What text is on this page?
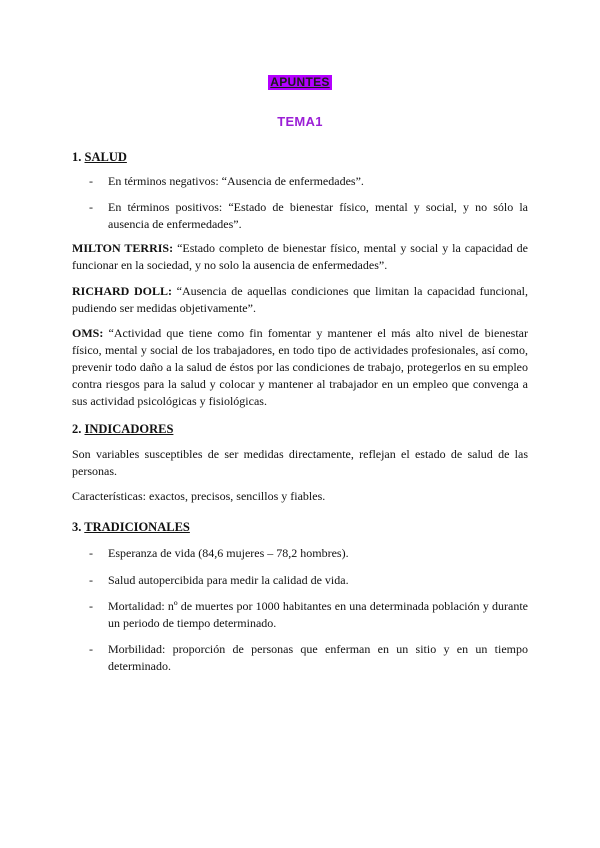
APUNTES
TEMA1
1. SALUD
- En términos negativos: “Ausencia de enfermedades”.
- En términos positivos: “Estado de bienestar físico, mental y social, y no sólo la ausencia de enfermedades”.
MILTON TERRIS: “Estado completo de bienestar físico, mental y social y la capacidad de funcionar en la sociedad, y no solo la ausencia de enfermedades”.
RICHARD DOLL: “Ausencia de aquellas condiciones que limitan la capacidad funcional, pudiendo ser medidas objetivamente”.
OMS: “Actividad que tiene como fin fomentar y mantener el más alto nivel de bienestar físico, mental y social de los trabajadores, en todo tipo de actividades profesionales, así como, prevenir todo daño a la salud de éstos por las condiciones de trabajo, protegerlos en su empleo contra riesgos para la salud y colocar y mantener al trabajador en un empleo que convenga a sus actividad psicológicas y fisiológicas.
2. INDICADORES
Son variables susceptibles de ser medidas directamente, reflejan el estado de salud de las personas.
Características: exactos, precisos, sencillos y fiables.
3. TRADICIONALES
- Esperanza de vida (84,6 mujeres – 78,2 hombres).
- Salud autopercibida para medir la calidad de vida.
- Mortalidad: nº de muertes por 1000 habitantes en una determinada población y durante un periodo de tiempo determinado.
- Morbilidad: proporción de personas que enferman en un sitio y en un tiempo determinado.
